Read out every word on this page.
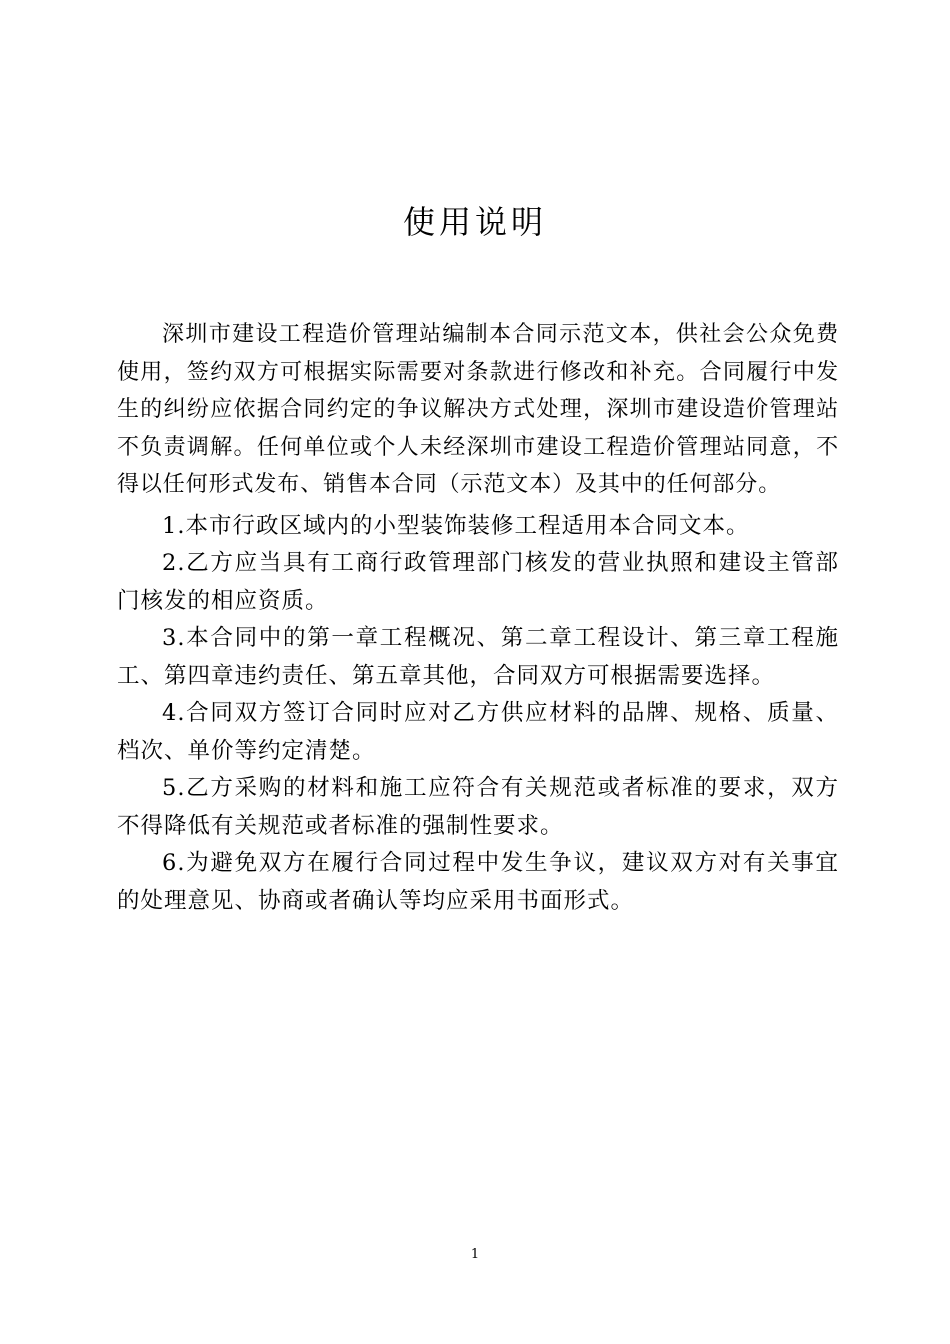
使用说明

深圳市建设工程造价管理站编制本合同示范文本，供社会公众免费使用，签约双方可根据实际需要对条款进行修改和补充。合同履行中发生的纠纷应依据合同约定的争议解决方式处理，深圳市建设造价管理站不负责调解。任何单位或个人未经深圳市建设工程造价管理站同意，不得以任何形式发布、销售本合同（示范文本）及其中的任何部分。

1.本市行政区域内的小型装饰装修工程适用本合同文本。

2.乙方应当具有工商行政管理部门核发的营业执照和建设主管部门核发的相应资质。

3.本合同中的第一章工程概况、第二章工程设计、第三章工程施工、第四章违约责任、第五章其他，合同双方可根据需要选择。

4.合同双方签订合同时应对乙方供应材料的品牌、规格、质量、档次、单价等约定清楚。

5.乙方采购的材料和施工应符合有关规范或者标准的要求，双方不得降低有关规范或者标准的强制性要求。

6.为避免双方在履行合同过程中发生争议，建议双方对有关事宜的处理意见、协商或者确认等均应采用书面形式。

1
